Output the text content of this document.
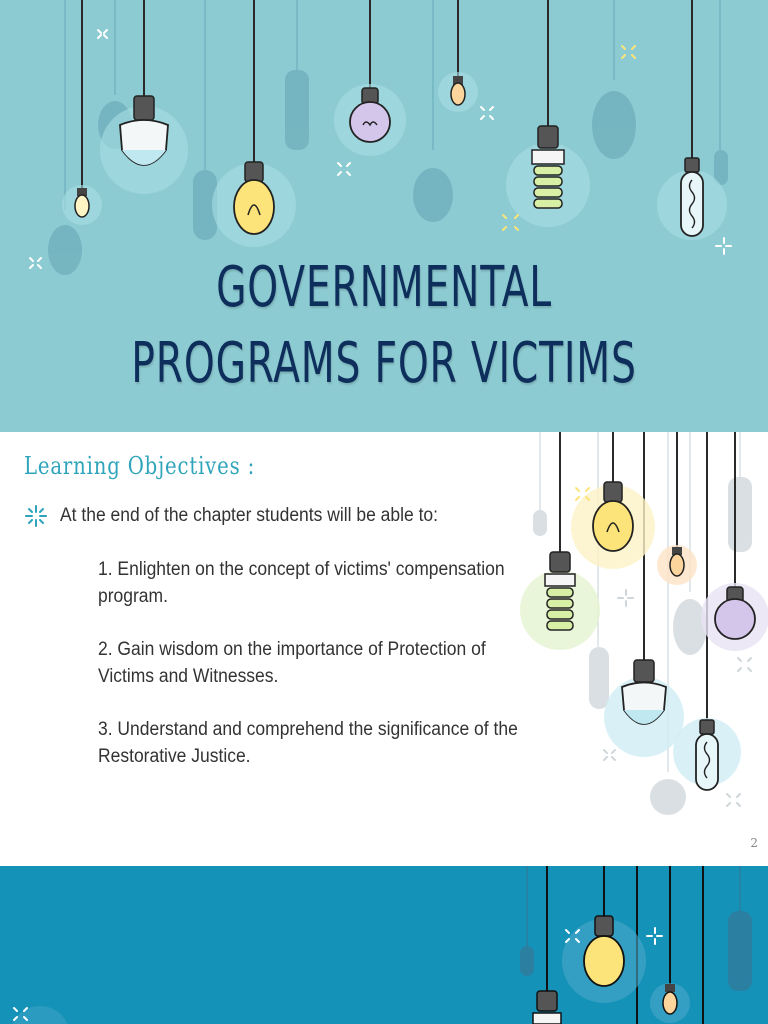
GOVERNMENTAL PROGRAMS FOR VICTIMS
Learning Objectives :
At the end of the chapter students will be able to:
1. Enlighten on the concept of victims' compensation program.
2. Gain wisdom on the importance of Protection of Victims and Witnesses.
3. Understand and comprehend the significance of the Restorative Justice.
2
